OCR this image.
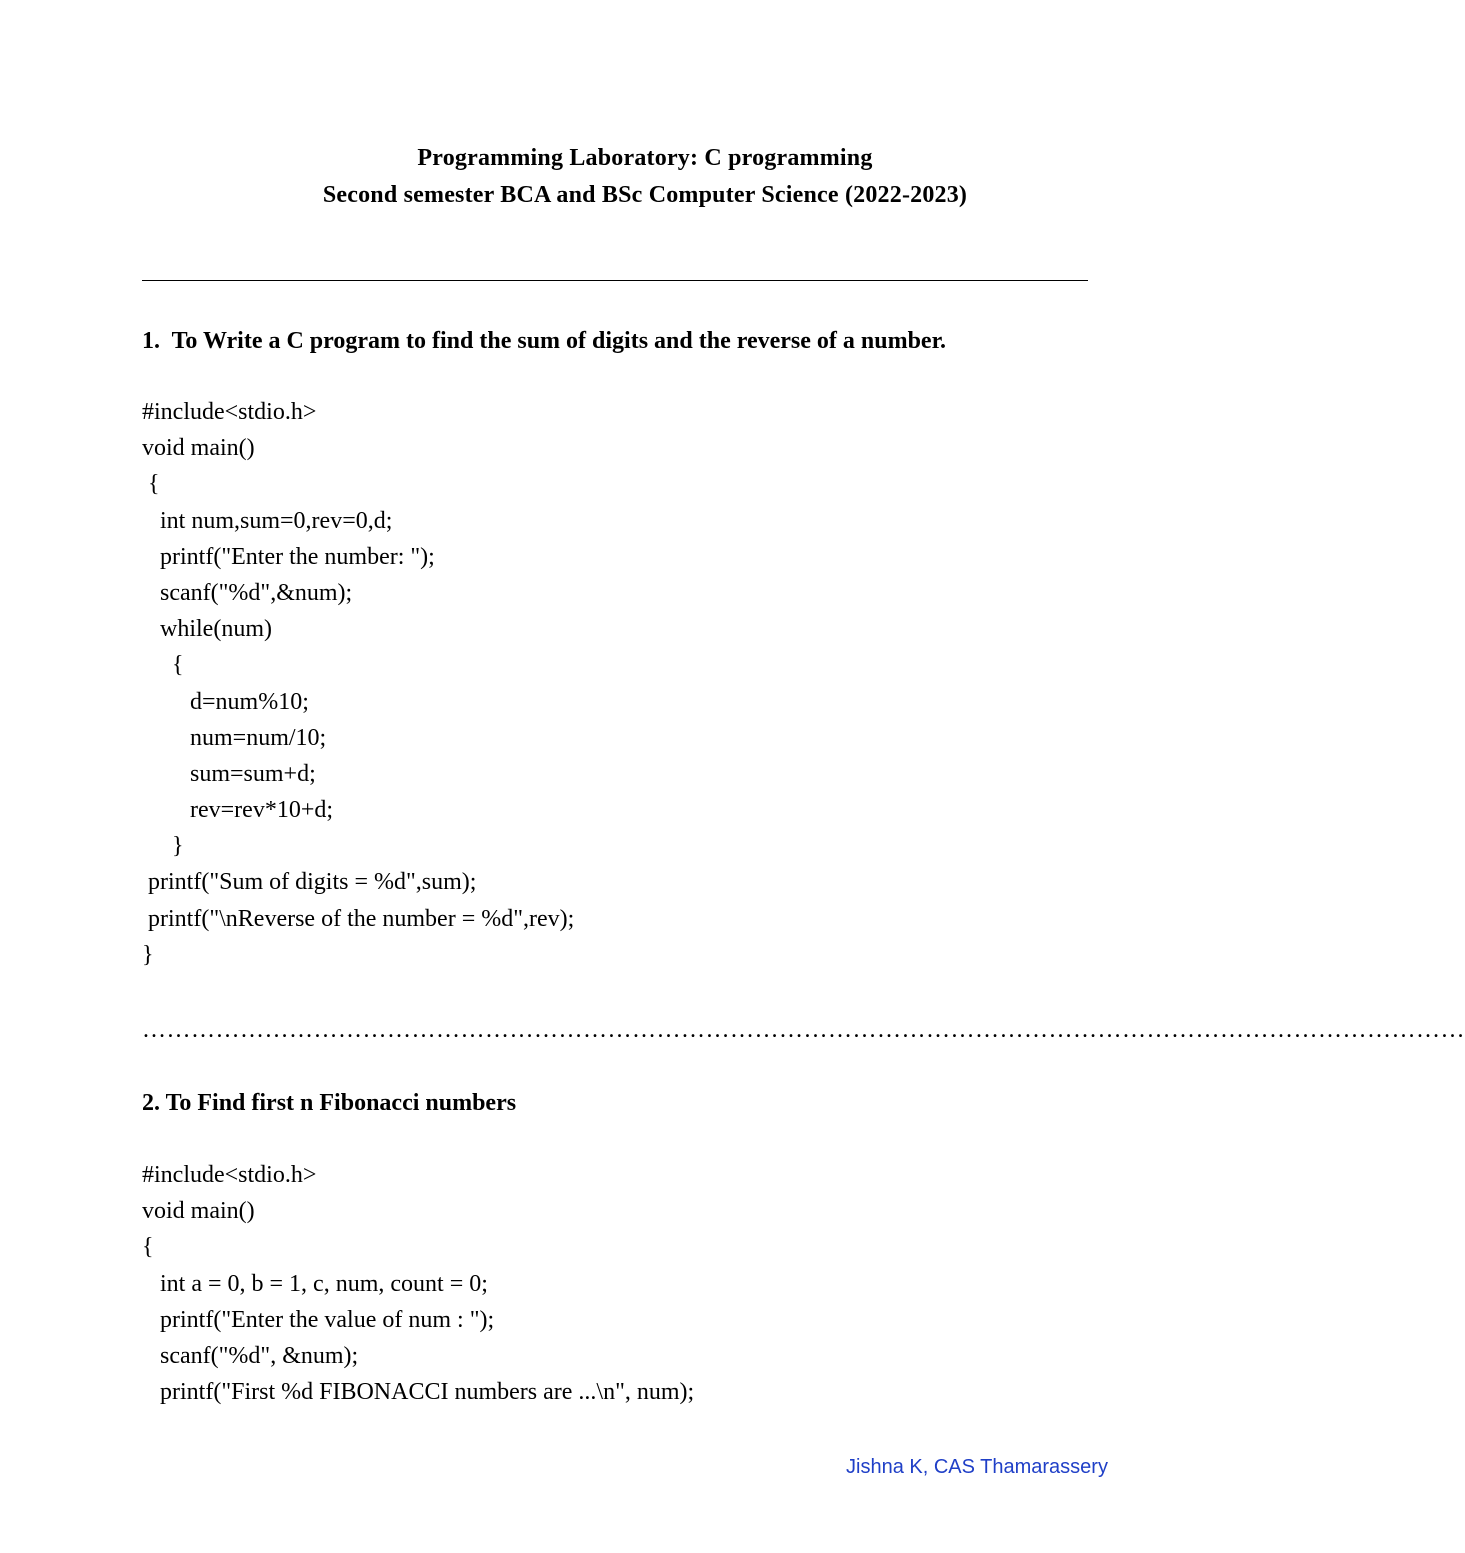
Programming Laboratory: C programming
Second semester BCA and BSc Computer Science (2022-2023)
1.  To Write a C program to find the sum of digits and the reverse of a number.
#include<stdio.h>
void main()
{
int num,sum=0,rev=0,d;
printf("Enter the number: ");
scanf("%d",&num);
while(num)
{
d=num%10;
num=num/10;
sum=sum+d;
rev=rev*10+d;
}
printf("Sum of digits = %d",sum);
printf("\nReverse of the number = %d",rev);
}
………………………………………………………………………………………………………………………………………………
2. To Find first n Fibonacci numbers
#include<stdio.h>
void main()
{
int a = 0, b = 1, c, num, count = 0;
printf("Enter the value of num : ");
scanf("%d", &num);
printf("First %d FIBONACCI numbers are ...\n", num);
Jishna K, CAS Thamarassery
